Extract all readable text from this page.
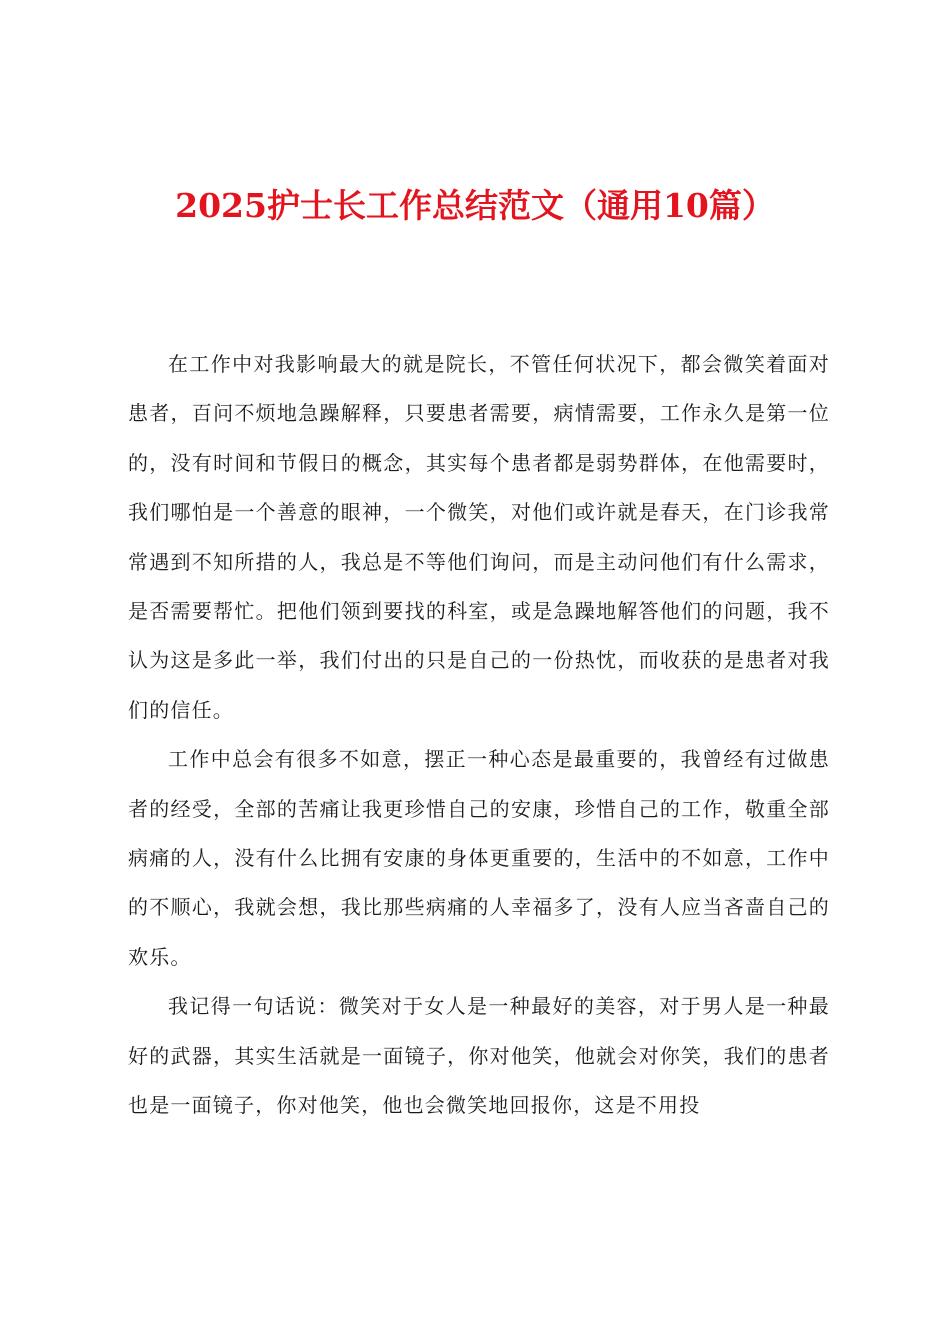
2025护士长工作总结范文（通用10篇）

在工作中对我影响最大的就是院长，不管任何状况下，都会微笑着面对患者，百问不烦地急躁解释，只要患者需要，病情需要，工作永久是第一位的，没有时间和节假日的概念，其实每个患者都是弱势群体，在他需要时，我们哪怕是一个善意的眼神，一个微笑，对他们或许就是春天，在门诊我常常遇到不知所措的人，我总是不等他们询问，而是主动问他们有什么需求，是否需要帮忙。把他们领到要找的科室，或是急躁地解答他们的问题，我不认为这是多此一举，我们付出的只是自己的一份热忱，而收获的是患者对我们的信任。

工作中总会有很多不如意，摆正一种心态是最重要的，我曾经有过做患者的经受，全部的苦痛让我更珍惜自己的安康，珍惜自己的工作，敬重全部病痛的人，没有什么比拥有安康的身体更重要的，生活中的不如意，工作中的不顺心，我就会想，我比那些病痛的人幸福多了，没有人应当吝啬自己的欢乐。

我记得一句话说：微笑对于女人是一种最好的美容，对于男人是一种最好的武器，其实生活就是一面镜子，你对他笑，他就会对你笑，我们的患者也是一面镜子，你对他笑，他也会微笑地回报你，这是不用投
